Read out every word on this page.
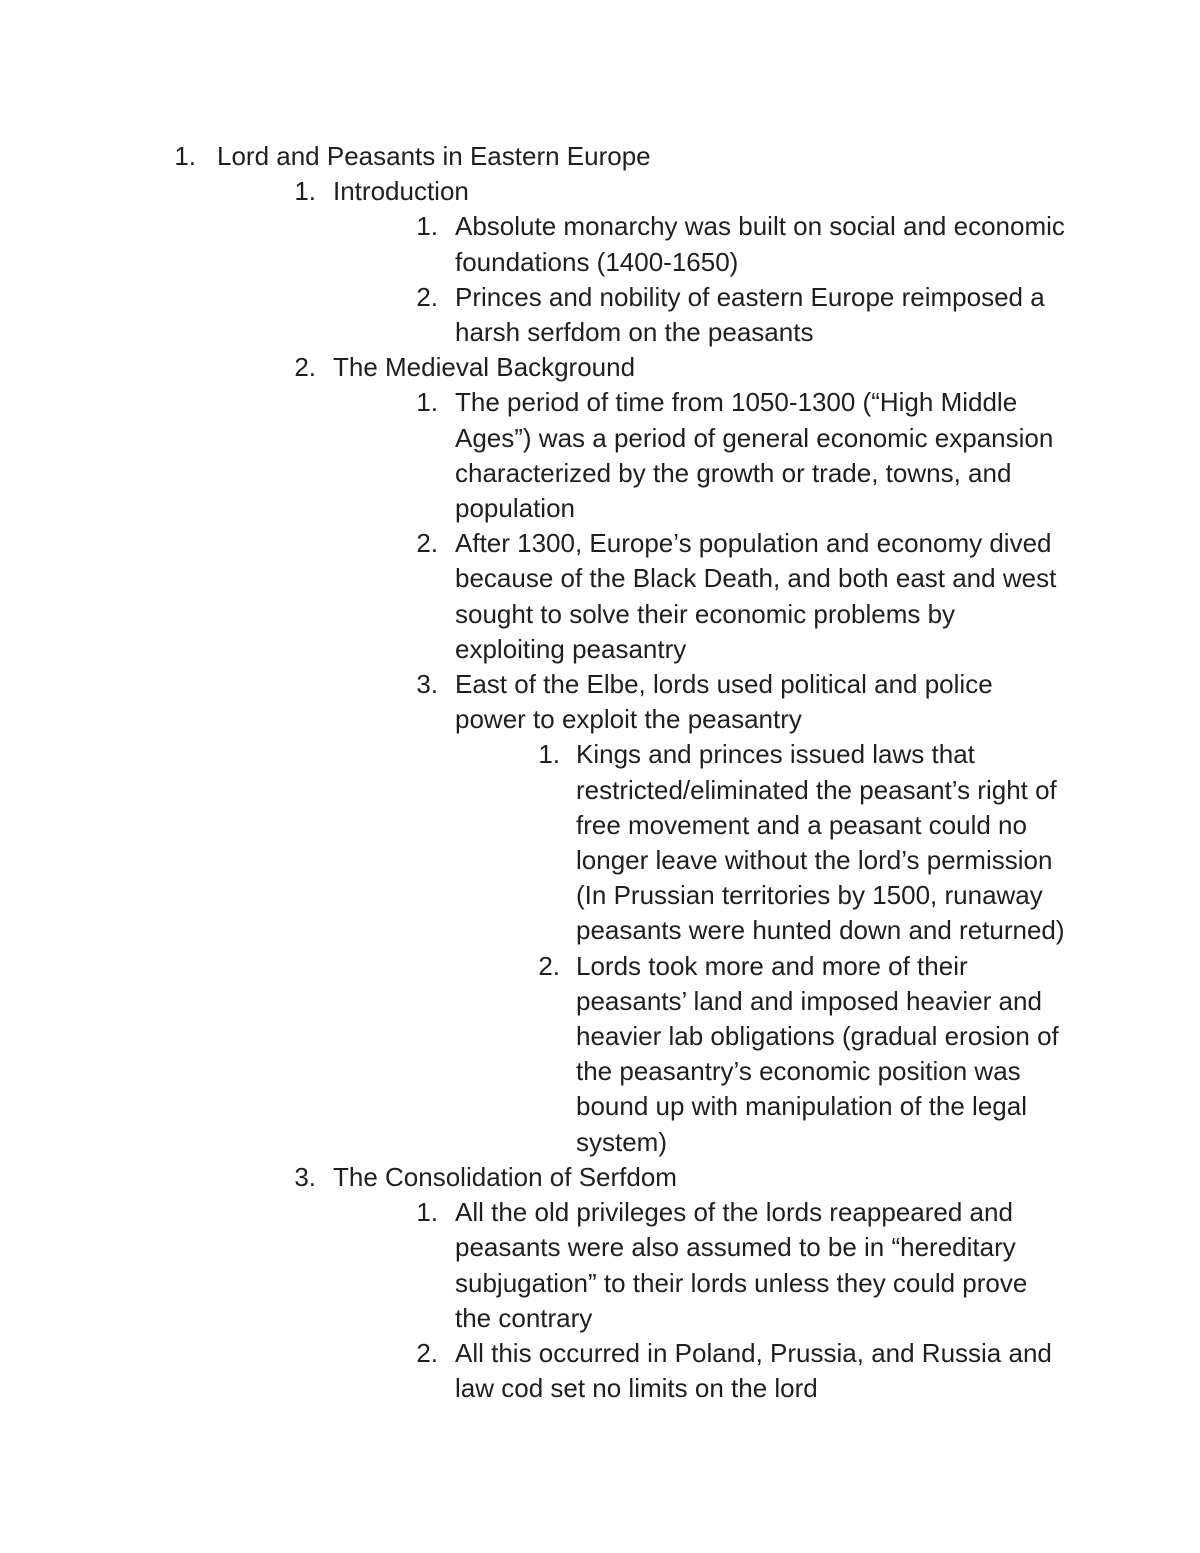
1. Lord and Peasants in Eastern Europe
1. Introduction
1. Absolute monarchy was built on social and economic foundations (1400-1650)
2. Princes and nobility of eastern Europe reimposed a harsh serfdom on the peasants
2. The Medieval Background
1. The period of time from 1050-1300 (“High Middle Ages”) was a period of general economic expansion characterized by the growth or trade, towns, and population
2. After 1300, Europe’s population and economy dived because of the Black Death, and both east and west sought to solve their economic problems by exploiting peasantry
3. East of the Elbe, lords used political and police power to exploit the peasantry
1. Kings and princes issued laws that restricted/eliminated the peasant’s right of free movement and a peasant could no longer leave without the lord’s permission (In Prussian territories by 1500, runaway peasants were hunted down and returned)
2. Lords took more and more of their peasants’ land and imposed heavier and heavier lab obligations (gradual erosion of the peasantry’s economic position was bound up with manipulation of the legal system)
3. The Consolidation of Serfdom
1. All the old privileges of the lords reappeared and peasants were also assumed to be in “hereditary subjugation” to their lords unless they could prove the contrary
2. All this occurred in Poland, Prussia, and Russia and law cod set no limits on the lord
